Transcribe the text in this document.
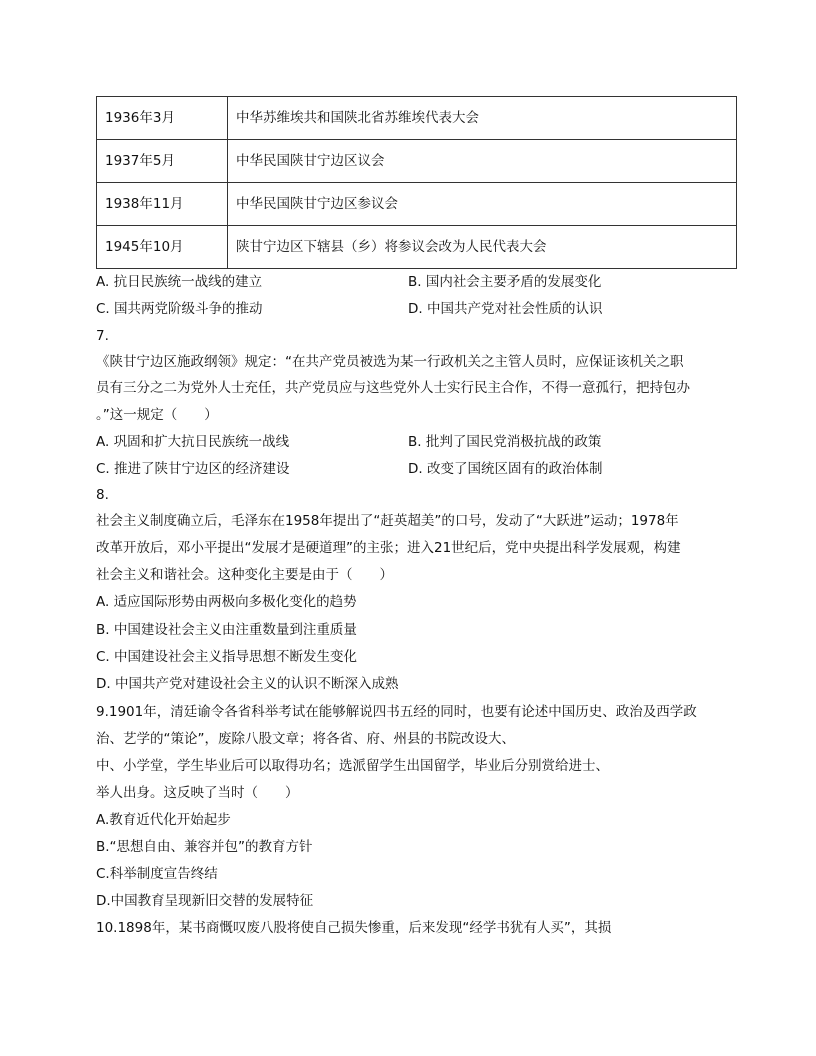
1936年3月	中华苏维埃共和国陕北省苏维埃代表大会
1937年5月	中华民国陕甘宁边区议会
1938年11月	中华民国陕甘宁边区参议会
1945年10月	陕甘宁边区下辖县（乡）将参议会改为人民代表大会
A. 抗日民族统一战线的建立	B. 国内社会主要矛盾的发展变化
C. 国共两党阶级斗争的推动	D. 中国共产党对社会性质的认识
7.
《陕甘宁边区施政纲领》规定：“在共产党员被选为某一行政机关之主管人员时，应保证该机关之职
员有三分之二为党外人士充任，共产党员应与这些党外人士实行民主合作，不得一意孤行，把持包办
。”这一规定（　　）
A. 巩固和扩大抗日民族统一战线	B. 批判了国民党消极抗战的政策
C. 推进了陕甘宁边区的经济建设	D. 改变了国统区固有的政治体制
8.
社会主义制度确立后，毛泽东在1958年提出了“赶英超美”的口号，发动了“大跃进”运动；1978年
改革开放后，邓小平提出“发展才是硬道理”的主张；进入21世纪后，党中央提出科学发展观，构建
社会主义和谐社会。这种变化主要是由于（　　）
A. 适应国际形势由两极向多极化变化的趋势
B. 中国建设社会主义由注重数量到注重质量
C. 中国建设社会主义指导思想不断发生变化
D. 中国共产党对建设社会主义的认识不断深入成熟
9.1901年，清廷谕令各省科举考试在能够解说四书五经的同时，也要有论述中国历史、政治及西学政
治、艺学的“策论”，废除八股文章；将各省、府、州县的书院改设大、
中、小学堂，学生毕业后可以取得功名；选派留学生出国留学，毕业后分别赏给进士、
举人出身。这反映了当时（　　）
A.教育近代化开始起步
B.“思想自由、兼容并包”的教育方针
C.科举制度宣告终结
D.中国教育呈现新旧交替的发展特征
10.1898年，某书商慨叹废八股将使自己损失惨重，后来发现“经学书犹有人买”，其损
